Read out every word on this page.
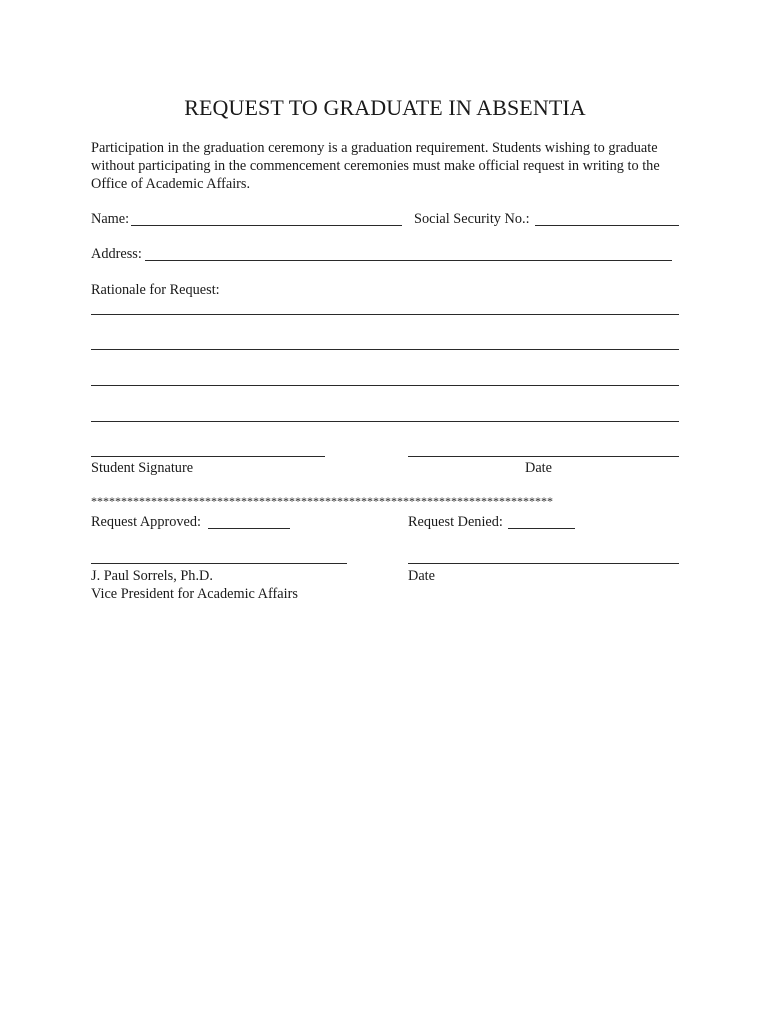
REQUEST TO GRADUATE IN ABSENTIA
Participation in the graduation ceremony is a graduation requirement. Students wishing to graduate without participating in the commencement ceremonies must make official request in writing to the Office of Academic Affairs.
Name:	Social Security No.:
Address:
Rationale for Request:
Student Signature	Date
*****************************************************************************
Request Approved:	Request Denied:
J. Paul Sorrels, Ph.D.
Vice President for Academic Affairs
Date
